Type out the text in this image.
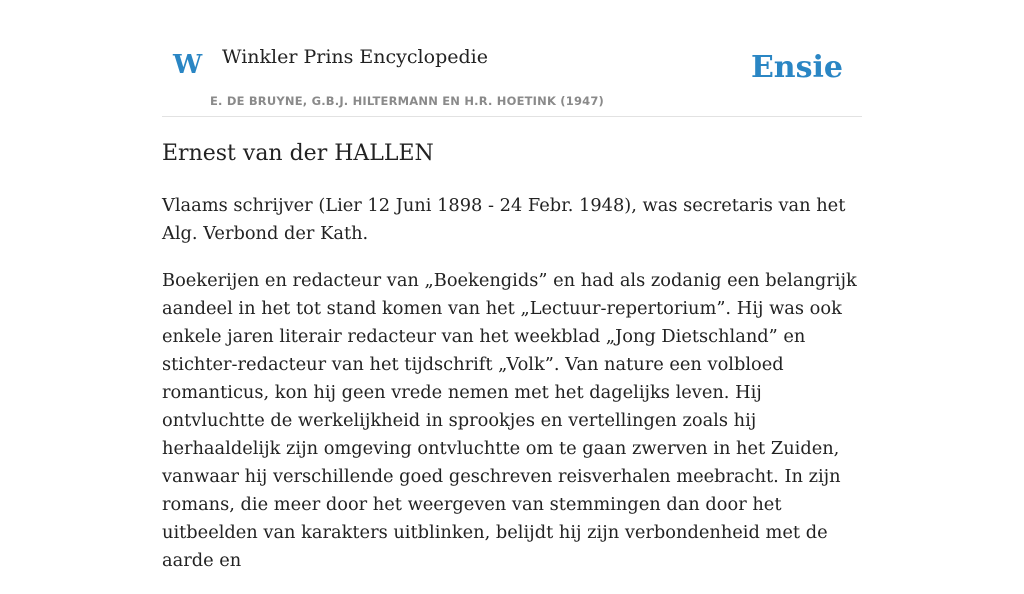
W Winkler Prins Encyclopedie
E. DE BRUYNE, G.B.J. HILTERMANN EN H.R. HOETINK (1947)
Ensie
Ernest van der HALLEN

Vlaams schrijver (Lier 12 Juni 1898 - 24 Febr. 1948), was secretaris van het Alg. Verbond der Kath.

Boekerijen en redacteur van „Boekengids” en had als zodanig een belangrijk aandeel in het tot stand komen van het „Lectuur-repertorium”. Hij was ook enkele jaren literair redacteur van het weekblad „Jong Dietschland” en stichter-redacteur van het tijdschrift „Volk”. Van nature een volbloed romanticus, kon hij geen vrede nemen met het dagelijks leven. Hij ontvluchtte de werkelijkheid in sprookjes en vertellingen zoals hij herhaaldelijk zijn omgeving ontvluchtte om te gaan zwerven in het Zuiden, vanwaar hij verschillende goed geschreven reisverhalen meebracht. In zijn romans, die meer door het weergeven van stemmingen dan door het uitbeelden van karakters uitblinken, belijdt hij zijn verbondenheid met de aarde en
